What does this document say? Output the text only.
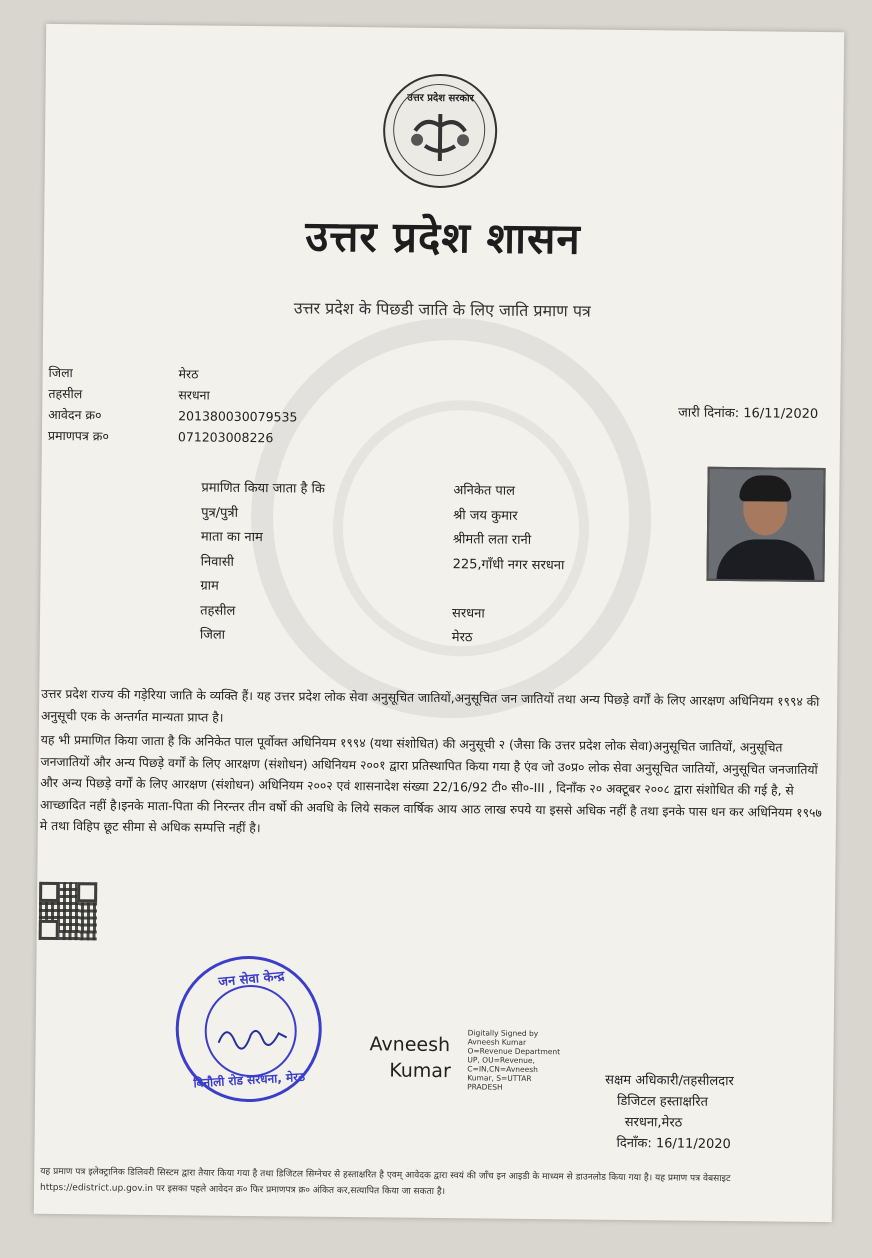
उत्तर प्रदेश सरकार
उत्तर प्रदेश शासन
उत्तर प्रदेश के पिछडी जाति के लिए जाति प्रमाण पत्र
जिला	मेरठ
तहसील	सरधना
आवेदन क्र०	201380030079535
प्रमाणपत्र क्र०	071203008226
जारी दिनांक: 16/11/2020
प्रमाणित किया जाता है कि	अनिकेत पाल
पुत्र/पुत्री	श्री जय कुमार
माता का नाम	श्रीमती लता रानी
निवासी	225,गाँधी नगर सरधना
ग्राम
तहसील	सरधना
जिला	मेरठ
उत्तर प्रदेश राज्य की गड़ेरिया जाति के व्यक्ति हैं। यह उत्तर प्रदेश लोक सेवा अनुसूचित जातियों,अनुसूचित जन जातियों तथा अन्य पिछड़े वर्गों के लिए आरक्षण अधिनियम १९९४ की अनुसूची एक के अन्तर्गत मान्यता प्राप्त है।
यह भी प्रमाणित किया जाता है कि अनिकेत पाल पूर्वोक्त अधिनियम १९९४ (यथा संशोधित) की अनुसूची २ (जैसा कि उत्तर प्रदेश लोक सेवा)अनुसूचित जातियों, अनुसूचित जनजातियों और अन्य पिछड़े वर्गों के लिए आरक्षण (संशोधन) अधिनियम २००१ द्वारा प्रतिस्थापित किया गया है एंव जो उ०प्र० लोक सेवा अनुसूचित जातियों, अनुसूचित जनजातियों और अन्य पिछड़े वर्गों के लिए आरक्षण (संशोधन) अधिनियम २००२ एवं शासनादेश संख्या 22/16/92 टी० सी०-III , दिनाँक २० अक्टूबर २००८ द्वारा संशोधित की गई है, से आच्छादित नहीं है।इनके माता-पिता की निरन्तर तीन वर्षो की अवधि के लिये सकल वार्षिक आय आठ लाख रुपये या इससे अधिक नहीं है तथा इनके पास धन कर अधिनियम १९५७ मे तथा विहिप छूट सीमा से अधिक सम्पत्ति नहीं है।
जन सेवा केन्द्र
बिनौली रोड सरधना, मेरठ
Avneesh
Kumar
Digitally Signed by
Avneesh Kumar
O=Revenue Department
UP, OU=Revenue,
C=IN,CN=Avneesh
Kumar, S=UTTAR
PRADESH	सक्षम अधिकारी/तहसीलदार
डिजिटल हस्ताक्षरित
सरधना,मेरठ
दिनाँक: 16/11/2020
यह प्रमाण पत्र इलेक्ट्रानिक डिलिवरी सिस्टम द्वारा तैयार किया गया है तथा डिजिटल सिग्नेचर से हस्ताक्षरित है एवम् आवेदक द्वारा स्वयं की जाँच इन आइडी के माध्यम से डाउनलोड किया गया है। यह प्रमाण पत्र वेबसाइट https://edistrict.up.gov.in पर इसका पहले आवेदन क्र० फिर प्रमाणपत्र क्र० अंकित कर,सत्यापित किया जा सकता है।
